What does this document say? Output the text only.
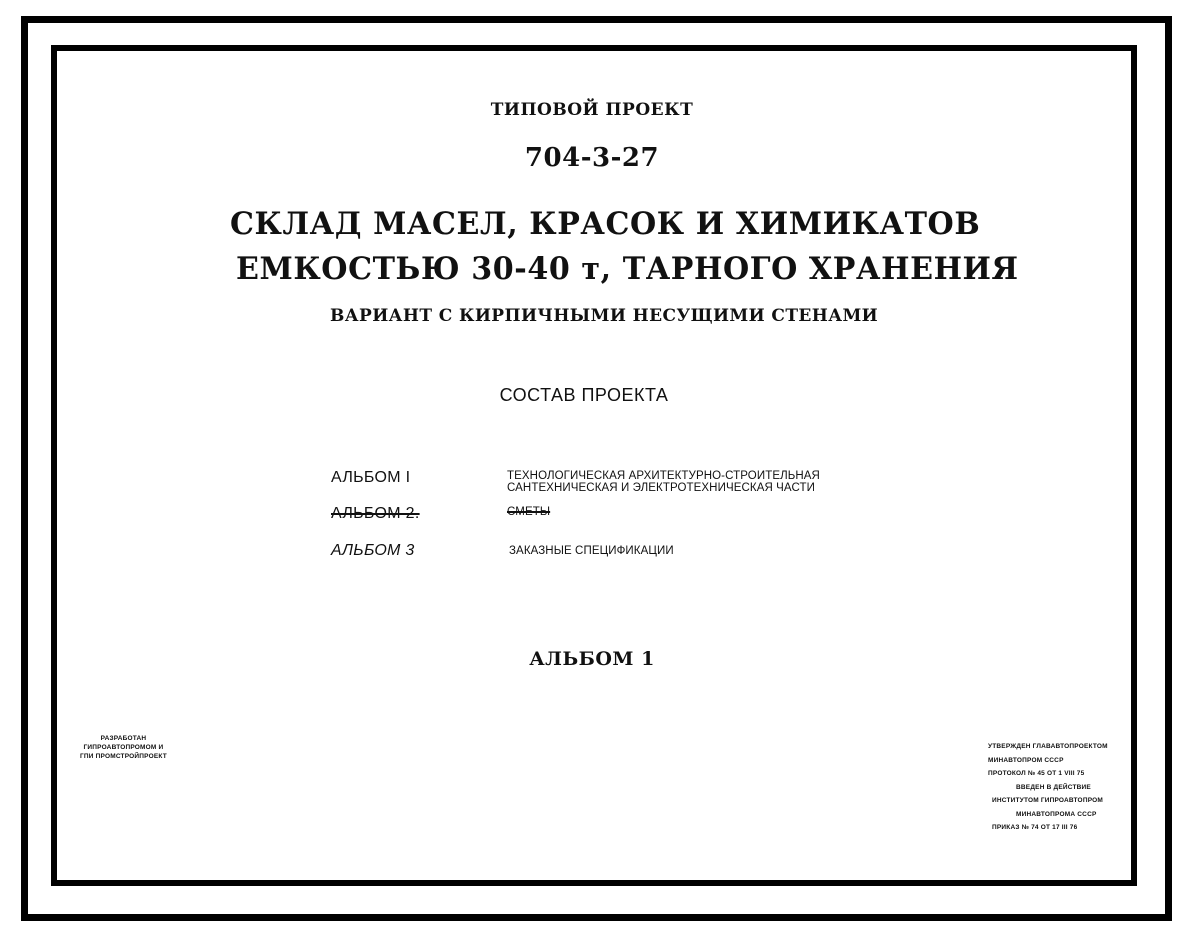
ТИПОВОЙ ПРОЕКТ
704-3-27
СКЛАД МАСЕЛ, КРАСОК И ХИМИКАТОВ
ЕМКОСТЬЮ 30-40 т, ТАРНОГО ХРАНЕНИЯ
ВАРИАНТ С КИРПИЧНЫМИ НЕСУЩИМИ СТЕНАМИ
СОСТАВ ПРОЕКТА
АЛЬБОМ I	ТЕХНОЛОГИЧЕСКАЯ АРХИТЕКТУРНО-СТРОИТЕЛЬНАЯ
САНТЕХНИЧЕСКАЯ И ЭЛЕКТРОТЕХНИЧЕСКАЯ ЧАСТИ
АЛЬБОМ 2.	СМЕТЫ
АЛЬБОМ 3	ЗАКАЗНЫЕ СПЕЦИФИКАЦИИ
АЛЬБОМ 1
РАЗРАБОТАН
ГИПРОАВТОПРОМОМ И
ГПИ ПРОМСТРОЙПРОЕКТ
УТВЕРЖДЕН ГЛАВАВТОПРОЕКТОМ
МИНАВТОПРОМ СССР
ПРОТОКОЛ № 45 ОТ 1 VIII 75
ВВЕДЕН В ДЕЙСТВИЕ
ИНСТИТУТОМ ГИПРОАВТОПРОМ
МИНАВТОПРОМА СССР
ПРИКАЗ № 74 ОТ 17 III 76
